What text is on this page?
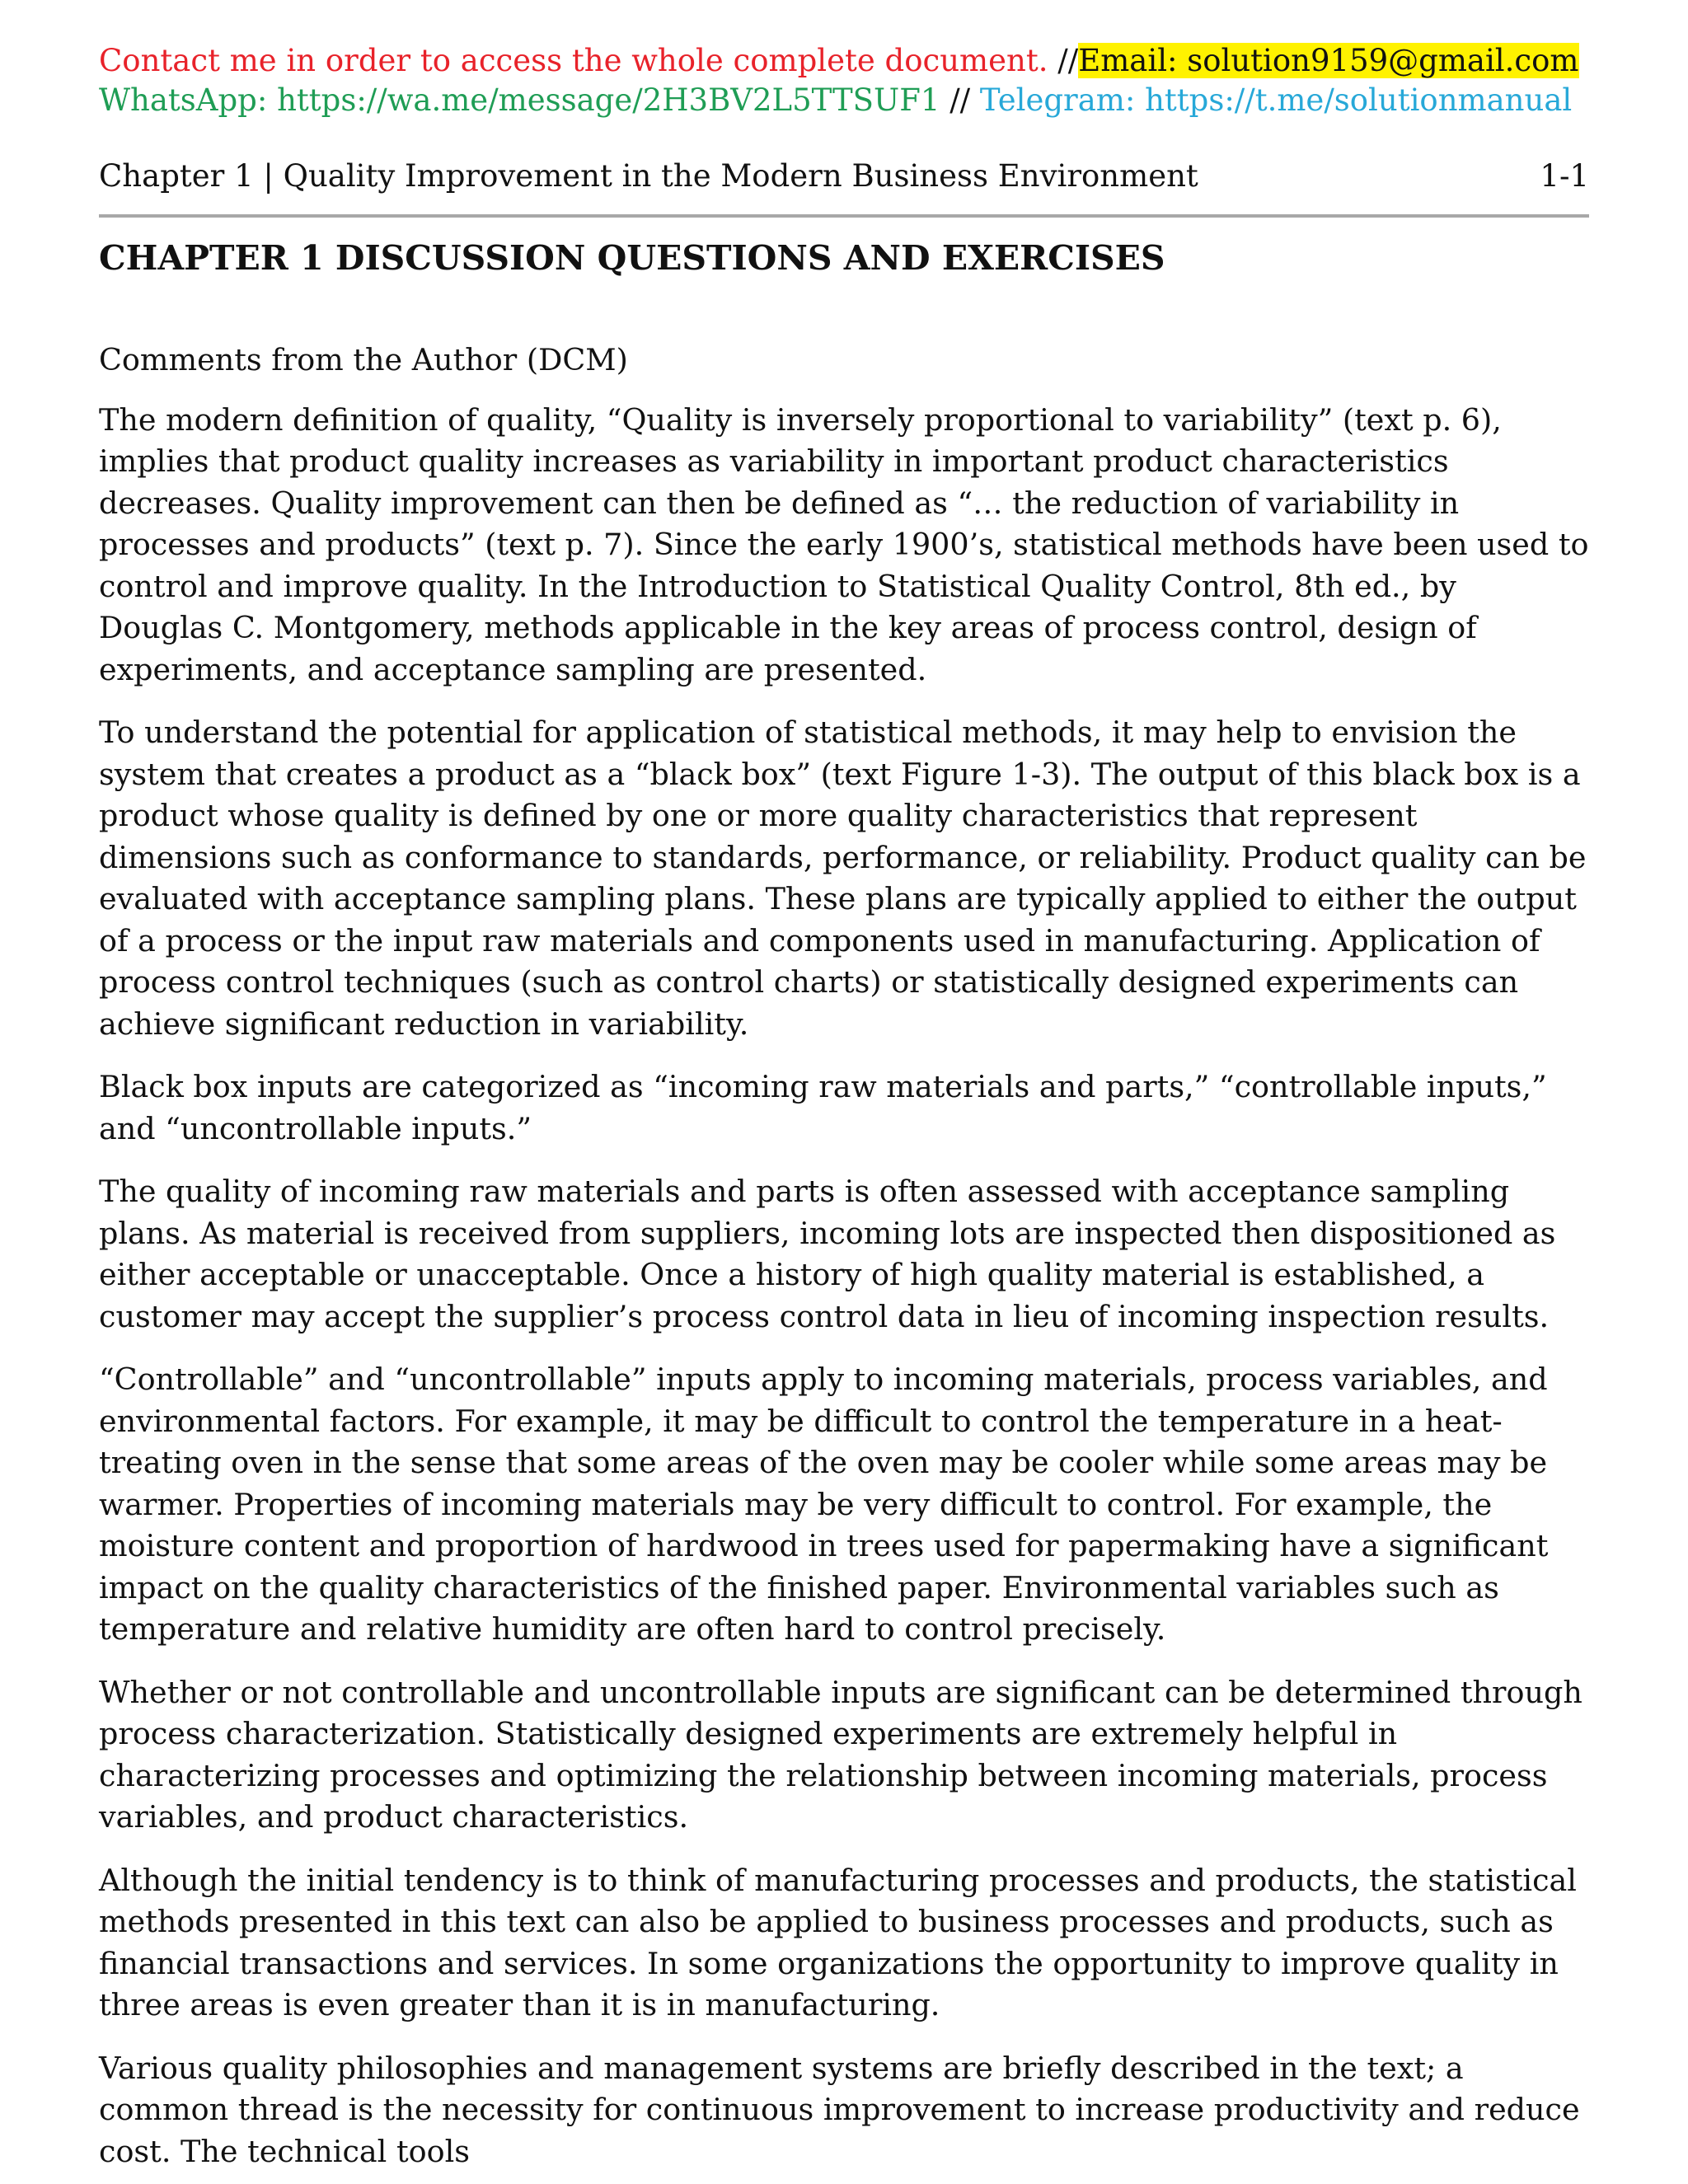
Contact me in order to access the whole complete document. //Email: solution9159@gmail.com
WhatsApp: https://wa.me/message/2H3BV2L5TTSUF1 // Telegram: https://t.me/solutionmanual
Chapter 1 | Quality Improvement in the Modern Business Environment	1-1
CHAPTER 1 DISCUSSION QUESTIONS AND EXERCISES
Comments from the Author (DCM)

The modern definition of quality, “Quality is inversely proportional to variability” (text p. 6), implies that product quality increases as variability in important product characteristics decreases. Quality improvement can then be defined as “… the reduction of variability in processes and products” (text p. 7). Since the early 1900’s, statistical methods have been used to control and improve quality. In the Introduction to Statistical Quality Control, 8th ed., by Douglas C. Montgomery, methods applicable in the key areas of process control, design of experiments, and acceptance sampling are presented.

To understand the potential for application of statistical methods, it may help to envision the system that creates a product as a “black box” (text Figure 1-3). The output of this black box is a product whose quality is defined by one or more quality characteristics that represent dimensions such as conformance to standards, performance, or reliability. Product quality can be evaluated with acceptance sampling plans. These plans are typically applied to either the output of a process or the input raw materials and components used in manufacturing. Application of process control techniques (such as control charts) or statistically designed experiments can achieve significant reduction in variability.

Black box inputs are categorized as “incoming raw materials and parts,” “controllable inputs,” and “uncontrollable inputs.”

The quality of incoming raw materials and parts is often assessed with acceptance sampling plans. As material is received from suppliers, incoming lots are inspected then dispositioned as either acceptable or unacceptable. Once a history of high quality material is established, a customer may accept the supplier’s process control data in lieu of incoming inspection results.

“Controllable” and “uncontrollable” inputs apply to incoming materials, process variables, and environmental factors. For example, it may be difficult to control the temperature in a heat-treating oven in the sense that some areas of the oven may be cooler while some areas may be warmer. Properties of incoming materials may be very difficult to control. For example, the moisture content and proportion of hardwood in trees used for papermaking have a significant impact on the quality characteristics of the finished paper. Environmental variables such as temperature and relative humidity are often hard to control precisely.

Whether or not controllable and uncontrollable inputs are significant can be determined through process characterization. Statistically designed experiments are extremely helpful in characterizing processes and optimizing the relationship between incoming materials, process variables, and product characteristics.

Although the initial tendency is to think of manufacturing processes and products, the statistical methods presented in this text can also be applied to business processes and products, such as financial transactions and services. In some organizations the opportunity to improve quality in three areas is even greater than it is in manufacturing.

Various quality philosophies and management systems are briefly described in the text; a common thread is the necessity for continuous improvement to increase productivity and reduce cost. The technical tools
